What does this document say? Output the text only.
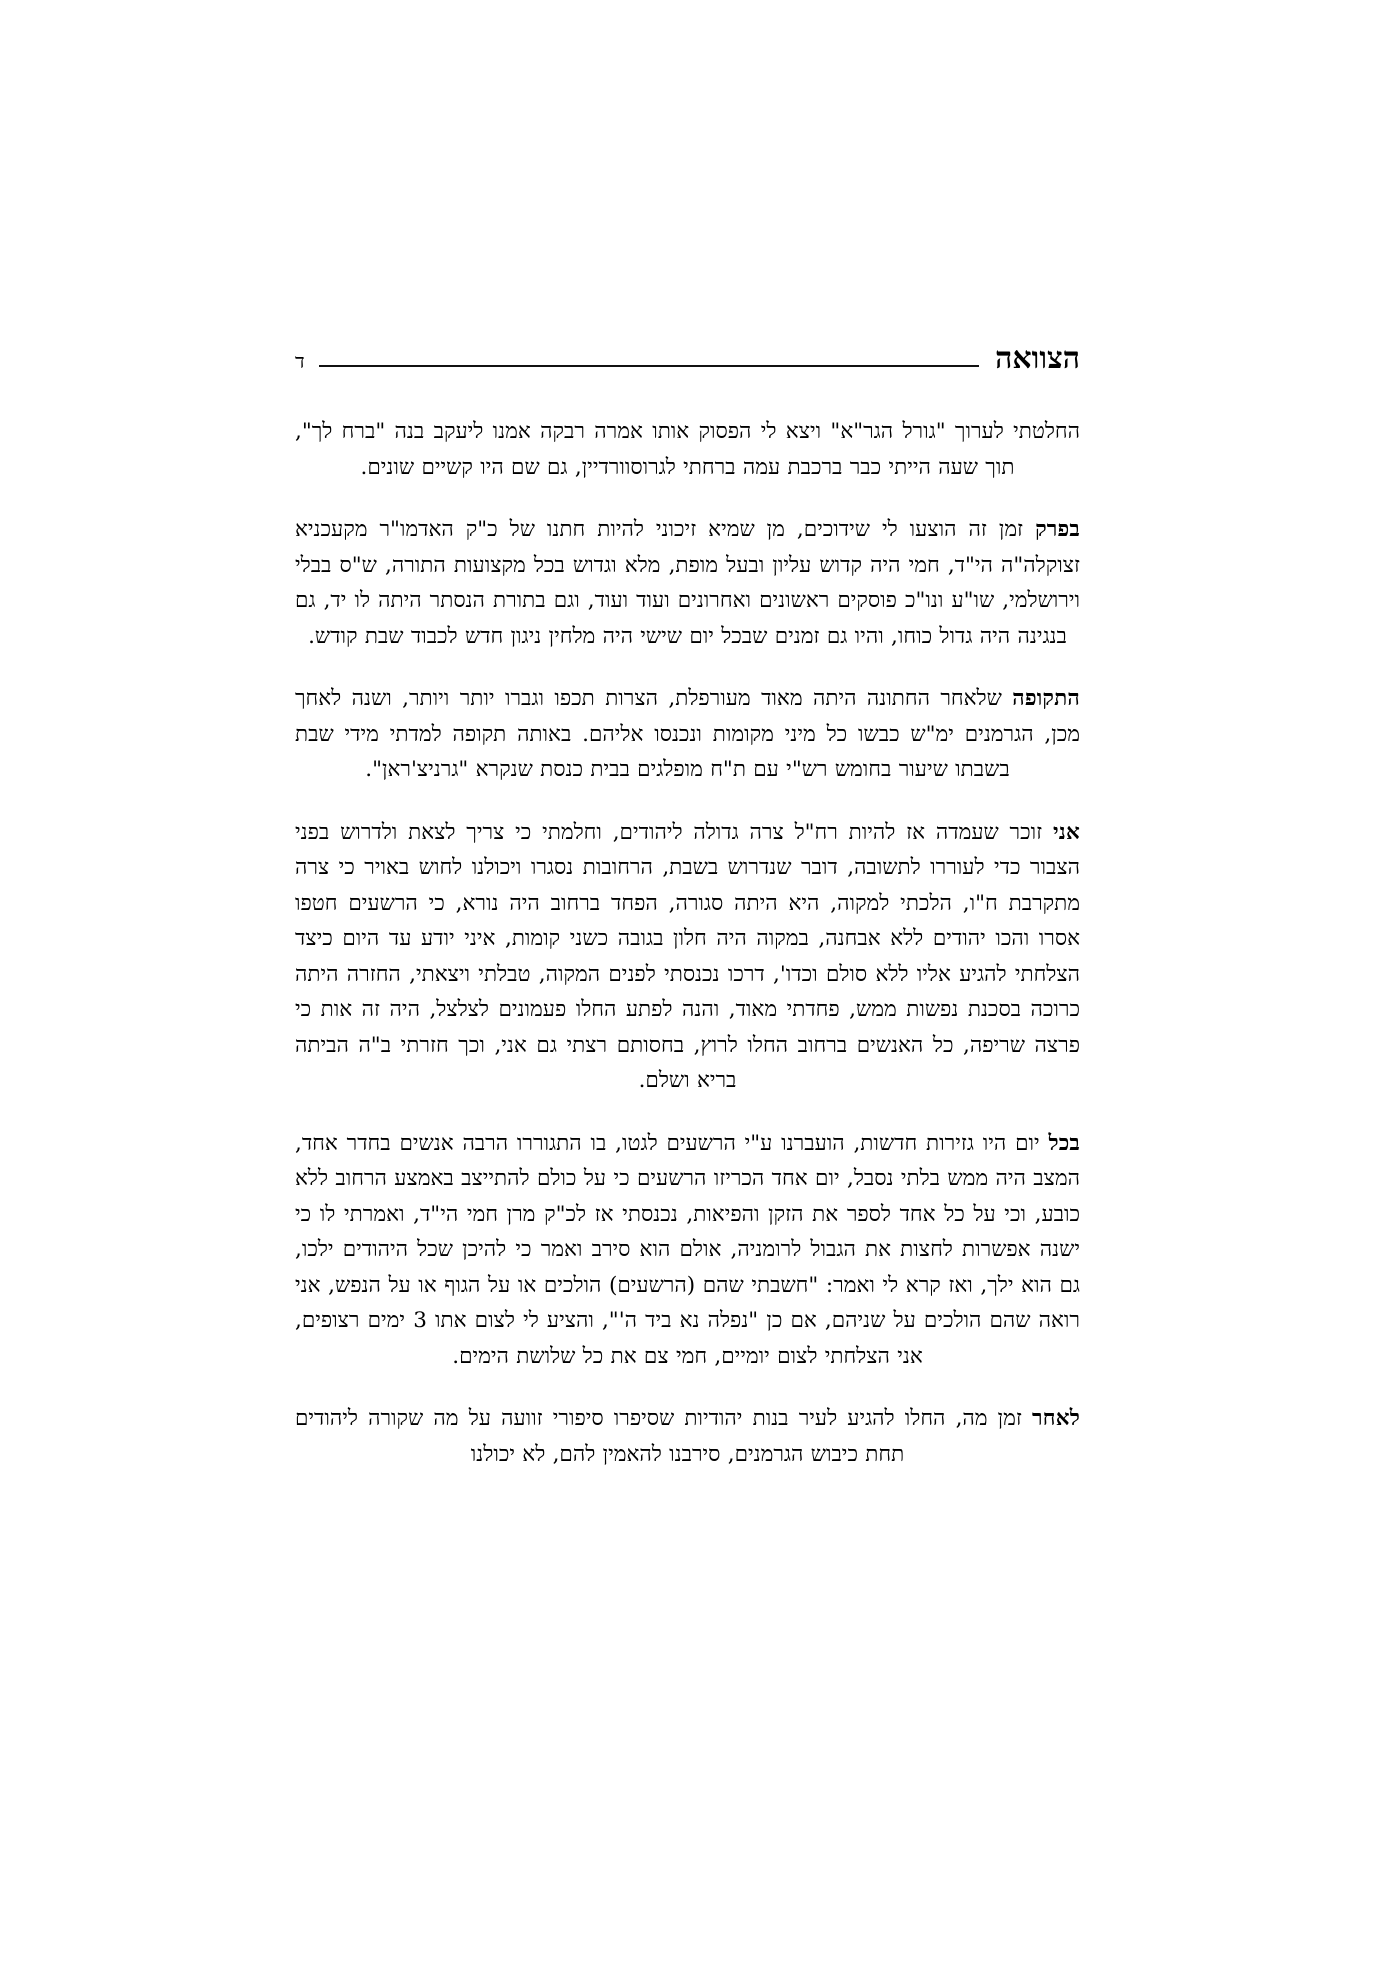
הצוואה
ד

החלטתי לערוך "גורל הגר"א" ויצא לי הפסוק אותו אמרה רבקה אמנו ליעקב בנה "ברח לך", תוך שעה הייתי כבר ברכבת עמה ברחתי לגרוסוורדיין, גם שם היו קשיים שונים.

בפרק זמן זה הוצעו לי שידוכים, מן שמיא זיכוני להיות חתנו של כ"ק האדמו"ר מקעכניא זצוקלה"ה הי"ד, חמי היה קדוש עליון ובעל מופת, מלא וגדוש בכל מקצועות התורה, ש"ס בבלי וירושלמי, שו"ע ונו"כ פוסקים ראשונים ואחרונים ועוד ועוד, וגם בתורת הנסתר היתה לו יד, גם בנגינה היה גדול כוחו, והיו גם זמנים שבכל יום שישי היה מלחין ניגון חדש לכבוד שבת קודש.

התקופה שלאחר החתונה היתה מאוד מעורפלת, הצרות תכפו וגברו יותר ויותר, ושנה לאחך מכן, הגרמנים ימ"ש כבשו כל מיני מקומות ונכנסו אליהם. באותה תקופה למדתי מידי שבת בשבתו שיעור בחומש רש"י עם ת"ח מופלגים בבית כנסת שנקרא "גרניצ'ראן".

אני זוכר שעמדה אז להיות רח"ל צרה גדולה ליהודים, וחלמתי כי צריך לצאת ולדרוש בפני הצבור כדי לעוררו לתשובה, דובר שנדרוש בשבת, הרחובות נסגרו ויכולנו לחוש באויר כי צרה מתקרבת ח"ו, הלכתי למקוה, היא היתה סגורה, הפחד ברחוב היה נורא, כי הרשעים חטפו אסרו והכו יהודים ללא אבחנה, במקוה היה חלון בגובה כשני קומות, איני יודע עד היום כיצד הצלחתי להגיע אליו ללא סולם וכדו', דרכו נכנסתי לפנים המקוה, טבלתי ויצאתי, החזרה היתה כרוכה בסכנת נפשות ממש, פחדתי מאוד, והנה לפתע החלו פעמונים לצלצל, היה זה אות כי פרצה שריפה, כל האנשים ברחוב החלו לרוץ, בחסותם רצתי גם אני, וכך חזרתי ב"ה הביתה בריא ושלם.

בכל יום היו גזירות חדשות, הועברנו ע"י הרשעים לגטו, בו התגוררו הרבה אנשים בחדר אחד, המצב היה ממש בלתי נסבל, יום אחד הכריזו הרשעים כי על כולם להתייצב באמצע הרחוב ללא כובע, וכי על כל אחד לספר את הזקן והפיאות, נכנסתי אז לכ"ק מרן חמי הי"ד, ואמרתי לו כי ישנה אפשרות לחצות את הגבול לרומניה, אולם הוא סירב ואמר כי להיכן שכל היהודים ילכו, גם הוא ילך, ואז קרא לי ואמר: "חשבתי שהם (הרשעים) הולכים או על הגוף או על הנפש, אני רואה שהם הולכים על שניהם, אם כן "נפלה נא ביד ה'", והציע לי לצום אתו 3 ימים רצופים, אני הצלחתי לצום יומיים, חמי צם את כל שלושת הימים.

לאחר זמן מה, החלו להגיע לעיר בנות יהודיות שסיפרו סיפורי זוועה על מה שקורה ליהודים תחת כיבוש הגרמנים, סירבנו להאמין להם, לא יכולנו
